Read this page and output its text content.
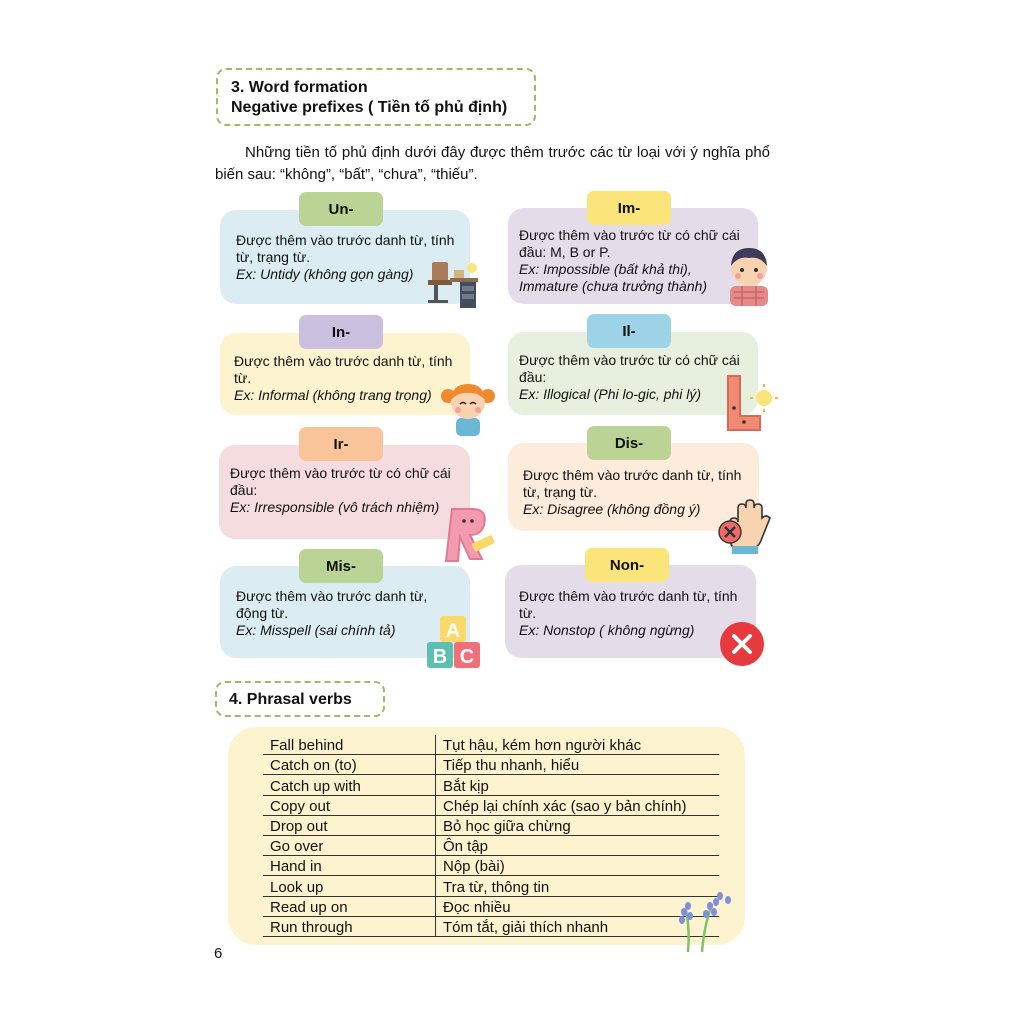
3. Word formation
Negative prefixes ( Tiền tố phủ định)
Những tiền tố phủ định dưới đây được thêm trước các từ loại với ý nghĩa phổ biến sau: “không”, “bất”, “chưa”, “thiếu”.
Un-
Được thêm vào trước danh từ, tính từ, trạng từ.
Ex: Untidy (không gọn gàng)
Im-
Được thêm vào trước từ có chữ cái đầu: M, B or P.
Ex: Impossible (bất khả thi), Immature (chưa trưởng thành)
In-
Được thêm vào trước danh từ, tính từ.
Ex: Informal (không trang trọng)
Il-
Được thêm vào trước từ có chữ cái đầu:
Ex: Illogical (Phi lo-gic, phi lý)
Ir-
Được thêm vào trước từ có chữ cái đầu:
Ex: Irresponsible (vô trách nhiệm)
Dis-
Được thêm vào trước danh từ, tính từ, trạng từ.
Ex: Disagree (không đồng ý)
Mis-
Được thêm vào trước danh từ, động từ.
Ex: Misspell (sai chính tả)	A
B C
Non-
Được thêm vào trước danh từ, tính từ.
Ex: Nonstop ( không ngừng)
4. Phrasal verbs
Fall behind	Tụt hậu, kém hơn người khác
Catch on (to)	Tiếp thu nhanh, hiểu
Catch up with	Bắt kịp
Copy out	Chép lại chính xác (sao y bản chính)
Drop out	Bỏ học giữa chừng
Go over	Ôn tập
Hand in	Nộp (bài)
Look up	Tra từ, thông tin
Read up on	Đọc nhiều
Run through	Tóm tắt, giải thích nhanh
6
